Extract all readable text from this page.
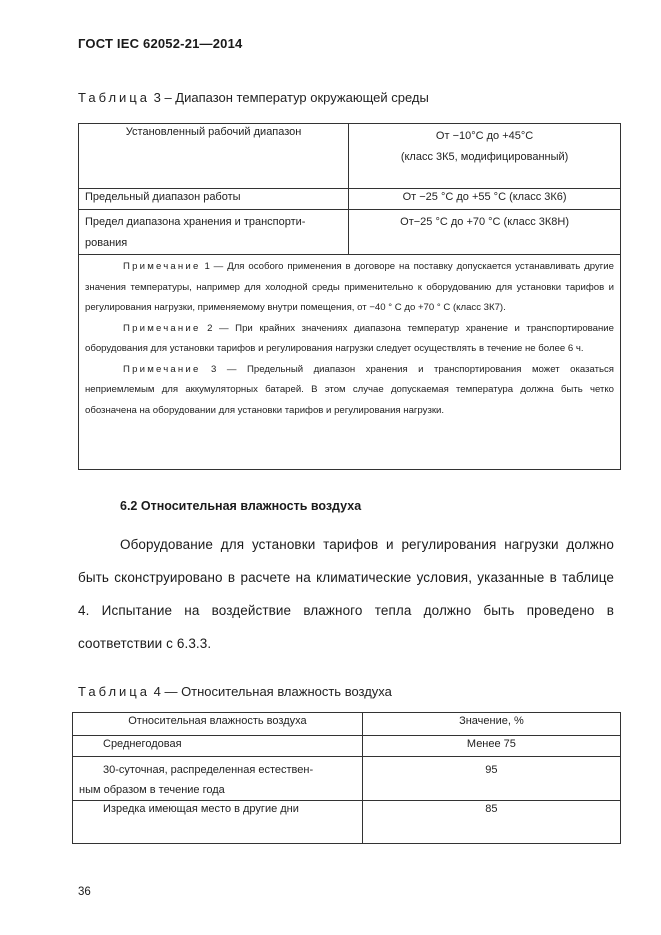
ГОСТ IEC 62052-21—2014
Таблица 3 – Диапазон температур окружающей среды
Установленный рабочий диапазон	От −10°С до +45°С
(класс 3К5, модифицированный)

Предельный диапазон работы	От −25 °С до +55 °С (класс 3К6)

Предел диапазона хранения и транспорти-
рования	От−25 °С до +70 °С (класс 3К8Н)

Примечание 1 — Для особого применения в договоре на поставку допускается устанавливать другие значения температуры, например для холодной среды применительно к оборудованию для установки тарифов и регулирования нагрузки, применяемому внутри помещения, от −40 ° С до +70 ° С (класс 3К7).

Примечание 2 — При крайних значениях диапазона температур хранение и транспортирование оборудования для установки тарифов и регулирования нагрузки следует осуществлять в течение не более 6 ч.

Примечание 3 — Предельный диапазон хранения и транспортирования может оказаться неприемлемым для аккумуляторных батарей. В этом случае допускаемая температура должна быть четко обозначена на оборудовании для установки тарифов и регулирования нагрузки.	

6.2 Относительная влажность воздуха
Оборудование для установки тарифов и регулирования нагрузки должно быть сконструировано в расчете на климатические условия, указанные в таблице 4. Испытание на воздействие влажного тепла должно быть проведено в соответствии с 6.3.3.
Таблица 4 — Относительная влажность воздуха
Относительная влажность воздуха	Значение, %
Среднегодовая	Менее 75

30-суточная, распределенная естествен-
ным образом в течение года	95
Изредка имеющая место в другие дни	85
36
